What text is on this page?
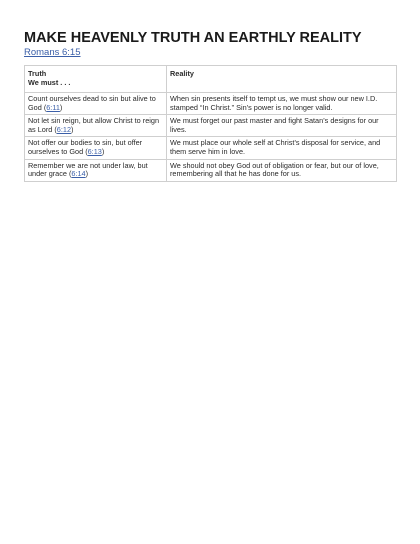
MAKE HEAVENLY TRUTH AN EARTHLY REALITY
Romans 6:15
Truth
We must . . .	Reality
Count ourselves dead to sin but alive to God (6:11)	When sin presents itself to tempt us, we must show our new I.D. stamped “In Christ.” Sin’s power is no longer valid.
Not let sin reign, but allow Christ to reign as Lord (6:12)	We must forget our past master and fight Satan’s designs for our lives.
Not offer our bodies to sin, but offer ourselves to God (6:13)	We must place our whole self at Christ’s disposal for service, and them serve him in love.
Remember we are not under law, but under grace (6:14)	We should not obey God out of obligation or fear, but our of love, remembering all that he has done for us.
